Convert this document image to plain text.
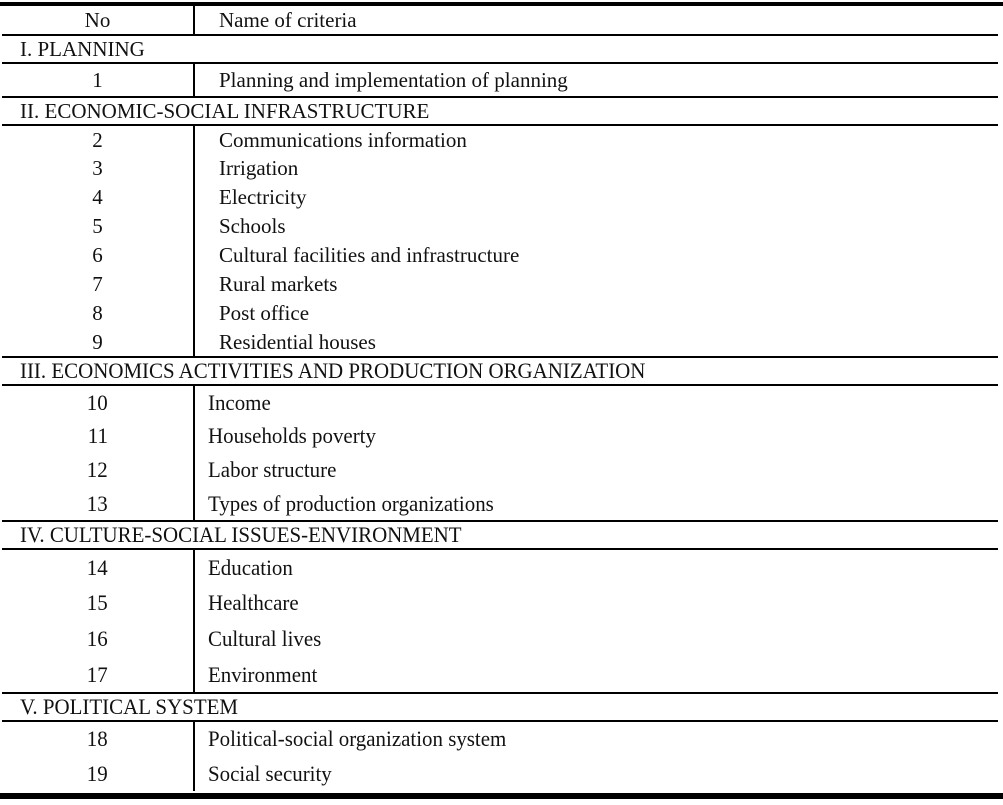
No	Name of criteria
I. PLANNING	
1	Planning and implementation of planning
II. ECONOMIC-SOCIAL INFRASTRUCTURE	
2	Communications information
3	Irrigation
4	Electricity
5	Schools
6	Cultural facilities and infrastructure
7	Rural markets
8	Post office
9	Residential houses
III. ECONOMICS ACTIVITIES AND PRODUCTION ORGANIZATION	
10	Income
11	Households poverty
12	Labor structure
13	Types of production organizations
IV. CULTURE-SOCIAL ISSUES-ENVIRONMENT	
14	Education
15	Healthcare
16	Cultural lives
17	Environment
V. POLITICAL SYSTEM	
18	Political-social organization system
19	Social security
